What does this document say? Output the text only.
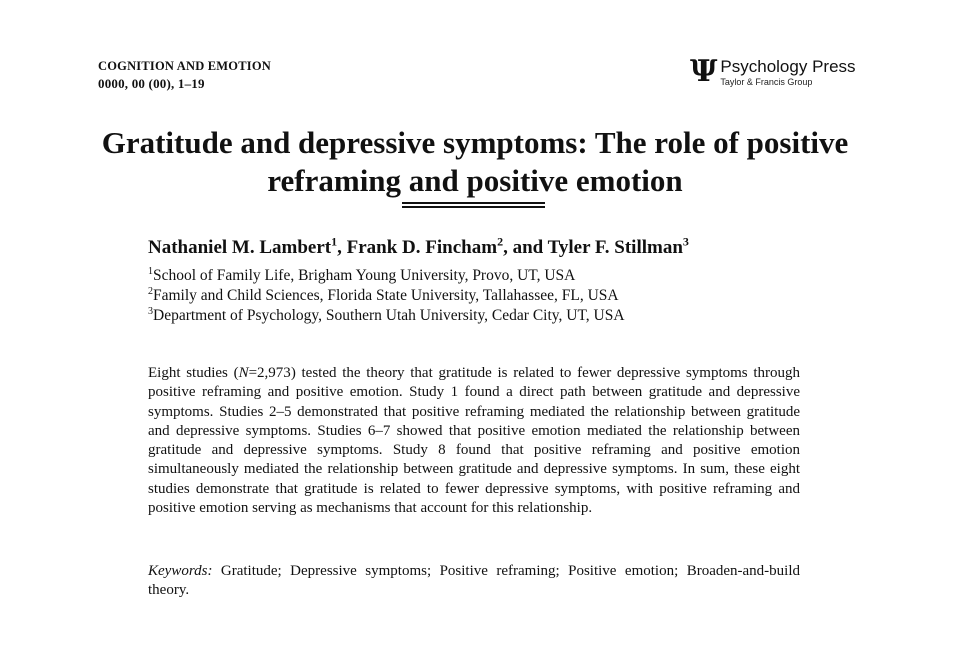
COGNITION AND EMOTION
0000, 00 (00), 1–19	Ψ Psychology Press
Taylor & Francis Group
Gratitude and depressive symptoms: The role of positive
reframing and positive emotion
Nathaniel M. Lambert$^1$, Frank D. Fincham$^2$, and Tyler F. Stillman$^3$
$^1$School of Family Life, Brigham Young University, Provo, UT, USA
$^2$Family and Child Sciences, Florida State University, Tallahassee, FL, USA
$^3$Department of Psychology, Southern Utah University, Cedar City, UT, USA

Eight studies (N=2,973) tested the theory that gratitude is related to fewer depressive symptoms through positive reframing and positive emotion. Study 1 found a direct path between gratitude and depressive symptoms. Studies 2–5 demonstrated that positive reframing mediated the relationship between gratitude and depressive symptoms. Studies 6–7 showed that positive emotion mediated the relationship between gratitude and depressive symptoms. Study 8 found that positive reframing and positive emotion simultaneously mediated the relationship between gratitude and depressive symptoms. In sum, these eight studies demonstrate that gratitude is related to fewer depressive symptoms, with positive reframing and positive emotion serving as mechanisms that account for this relationship.

Keywords: Gratitude; Depressive symptoms; Positive reframing; Positive emotion; Broaden-and-build theory.
